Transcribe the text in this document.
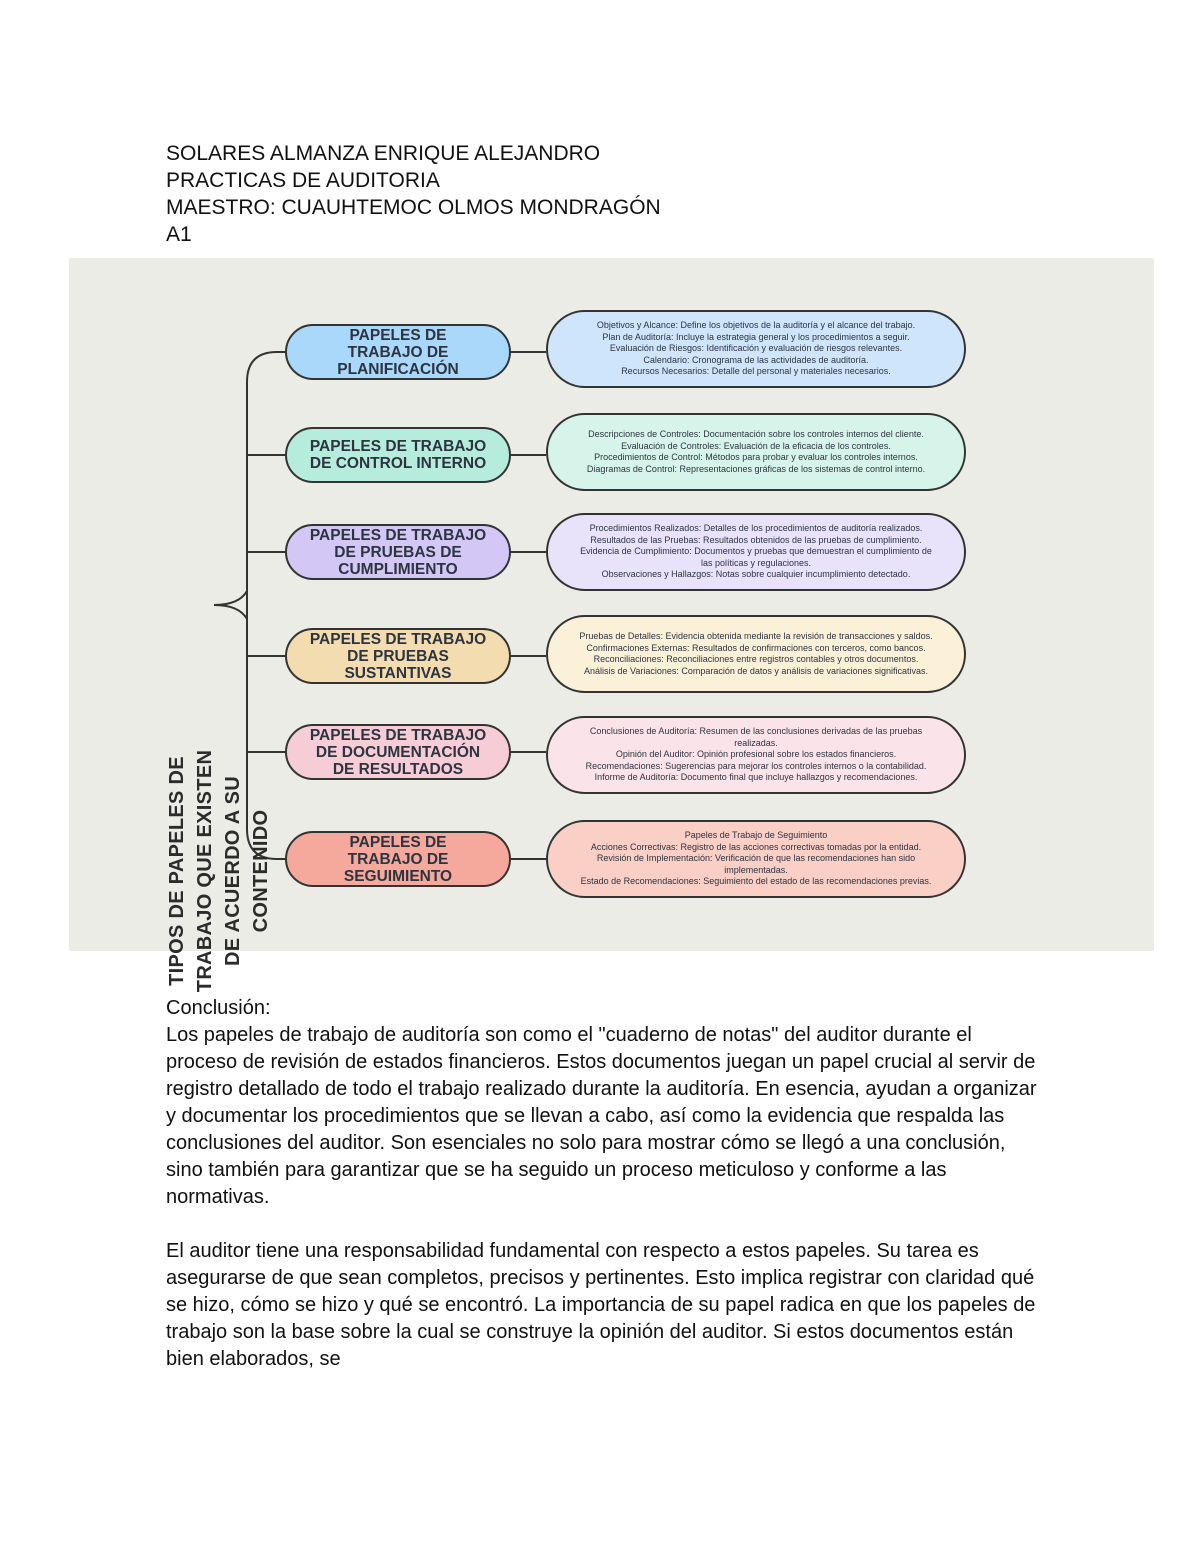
SOLARES ALMANZA ENRIQUE ALEJANDRO
PRACTICAS DE AUDITORIA
MAESTRO: CUAUHTEMOC OLMOS MONDRAGÓN
A1
TIPOS DE PAPELES DE
TRABAJO QUE EXISTEN
DE ACUERDO A SU
CONTENIDO
PAPELES DE
TRABAJO DE
PLANIFICACIÓN
Objetivos y Alcance: Define los objetivos de la auditoría y el alcance del trabajo.
Plan de Auditoría: Incluye la estrategia general y los procedimientos a seguir.
Evaluación de Riesgos: Identificación y evaluación de riesgos relevantes.
Calendario: Cronograma de las actividades de auditoría.
Recursos Necesarios: Detalle del personal y materiales necesarios.
PAPELES DE TRABAJO
DE CONTROL INTERNO
Descripciones de Controles: Documentación sobre los controles internos del cliente.
Evaluación de Controles: Evaluación de la eficacia de los controles.
Procedimientos de Control: Métodos para probar y evaluar los controles internos.
Diagramas de Control: Representaciones gráficas de los sistemas de control interno.
PAPELES DE TRABAJO
DE PRUEBAS DE
CUMPLIMIENTO
Procedimientos Realizados: Detalles de los procedimientos de auditoría realizados.
Resultados de las Pruebas: Resultados obtenidos de las pruebas de cumplimiento.
Evidencia de Cumplimiento: Documentos y pruebas que demuestran el cumplimiento de las políticas y regulaciones.
Observaciones y Hallazgos: Notas sobre cualquier incumplimiento detectado.
PAPELES DE TRABAJO
DE PRUEBAS
SUSTANTIVAS
Pruebas de Detalles: Evidencia obtenida mediante la revisión de transacciones y saldos.
Confirmaciones Externas: Resultados de confirmaciones con terceros, como bancos.
Reconciliaciones: Reconciliaciones entre registros contables y otros documentos.
Análisis de Variaciones: Comparación de datos y análisis de variaciones significativas.
PAPELES DE TRABAJO
DE DOCUMENTACIÓN
DE RESULTADOS
Conclusiones de Auditoría: Resumen de las conclusiones derivadas de las pruebas realizadas.
Opinión del Auditor: Opinión profesional sobre los estados financieros.
Recomendaciones: Sugerencias para mejorar los controles internos o la contabilidad.
Informe de Auditoría: Documento final que incluye hallazgos y recomendaciones.
PAPELES DE
TRABAJO DE
SEGUIMIENTO
Papeles de Trabajo de Seguimiento
Acciones Correctivas: Registro de las acciones correctivas tomadas por la entidad.
Revisión de Implementación: Verificación de que las recomendaciones han sido implementadas.
Estado de Recomendaciones: Seguimiento del estado de las recomendaciones previas.

Conclusión:

Los papeles de trabajo de auditoría son como el "cuaderno de notas" del auditor durante el proceso de revisión de estados financieros. Estos documentos juegan un papel crucial al servir de registro detallado de todo el trabajo realizado durante la auditoría. En esencia, ayudan a organizar y documentar los procedimientos que se llevan a cabo, así como la evidencia que respalda las conclusiones del auditor. Son esenciales no solo para mostrar cómo se llegó a una conclusión, sino también para garantizar que se ha seguido un proceso meticuloso y conforme a las normativas.

El auditor tiene una responsabilidad fundamental con respecto a estos papeles. Su tarea es asegurarse de que sean completos, precisos y pertinentes. Esto implica registrar con claridad qué se hizo, cómo se hizo y qué se encontró. La importancia de su papel radica en que los papeles de trabajo son la base sobre la cual se construye la opinión del auditor. Si estos documentos están bien elaborados, se
